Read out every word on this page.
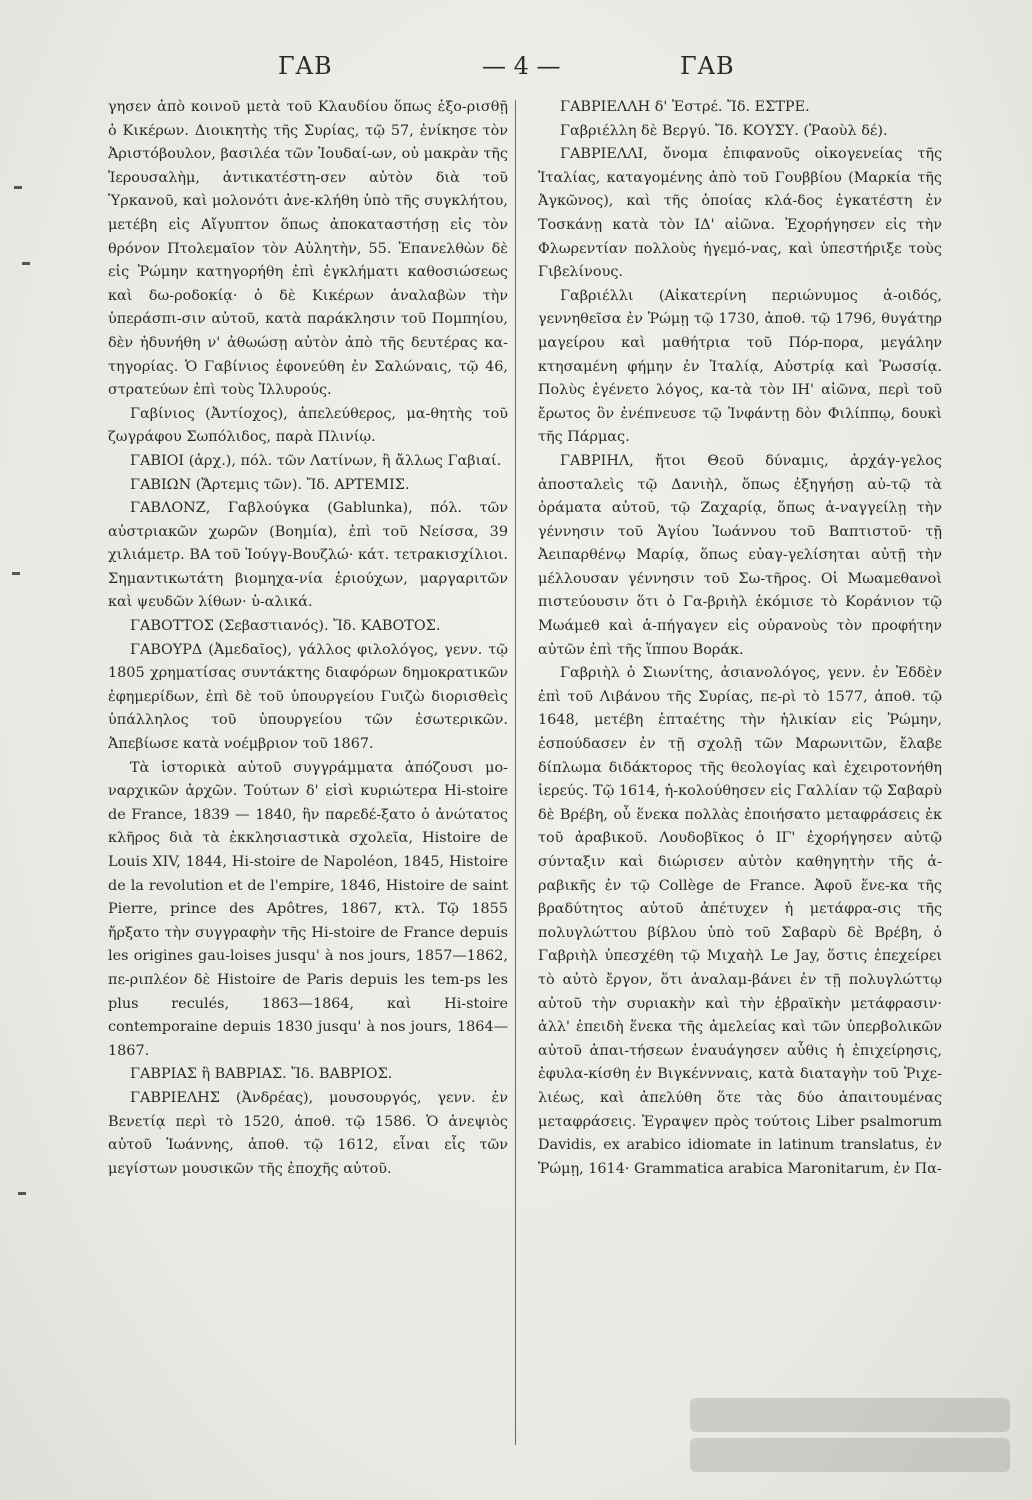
ΓΑΒ	— 4 —	ΓΑΒ

γησεν ἀπὸ κοινοῦ μετὰ τοῦ Κλαυδίου ὅπως ἐξο-ρισθῇ ὁ Κικέρων. Διοικητὴς τῆς Συρίας, τῷ 57, ἐνίκησε τὸν Ἀριστόβουλον, βασιλέα τῶν Ἰουδαί-ων, οὐ μακρὰν τῆς Ἱερουσαλὴμ, ἀντικατέστη-σεν αὐτὸν διὰ τοῦ Ὑρκανοῦ, καὶ μολονότι ἀνε-κλήθη ὑπὸ τῆς συγκλήτου, μετέβη εἰς Αἴγυπτον ὅπως ἀποκαταστήσῃ εἰς τὸν θρόνον Πτολεμαῖον τὸν Αὐλητὴν, 55. Ἐπανελθὼν δὲ εἰς Ῥώμην κατηγορήθη ἐπὶ ἐγκλήματι καθοσιώσεως καὶ δω-ροδοκίᾳ· ὁ δὲ Κικέρων ἀναλαβὼν τὴν ὑπεράσπι-σιν αὐτοῦ, κατὰ παράκλησιν τοῦ Πομπηίου, δὲν ἠδυνήθη ν' ἀθωώσῃ αὐτὸν ἀπὸ τῆς δευτέρας κα-τηγορίας. Ὁ Γαβίνιος ἐφονεύθη ἐν Σαλώναις, τῷ 46, στρατεύων ἐπὶ τοὺς Ἰλλυρούς.

Γαβίνιος (Ἀντίοχος), ἀπελεύθερος, μα-θητὴς τοῦ ζωγράφου Σωπόλιδος, παρὰ Πλινίῳ.

ΓΑΒΙΟΙ (ἀρχ.), πόλ. τῶν Λατίνων, ἢ ἄλλως Γαβιαί.

ΓΑΒΙΩΝ (Ἄρτεμις τῶν). Ἴδ. ΑΡΤΕΜΙΣ.

ΓΑΒΛΟΝΖ, Γαβλούγκα (Gablunka), πόλ. τῶν αὐστριακῶν χωρῶν (Βοημία), ἐπὶ τοῦ Νείσσα, 39 χιλιάμετρ. ΒΑ τοῦ Ἰούγγ-Βουζλώ· κάτ. τετρακισχίλιοι. Σημαντικωτάτη βιομηχα-νία ἐριούχων, μαργαριτῶν καὶ ψευδῶν λίθων· ὑ-αλικά.

ΓΑΒΟΤΤΟΣ (Σεβαστιανός). Ἴδ. ΚΑΒΟΤΟΣ.

ΓΑΒΟΥΡΔ (Ἀμεδαῖος), γάλλος φιλολόγος, γενν. τῷ 1805 χρηματίσας συντάκτης διαφόρων δημοκρατικῶν ἐφημερίδων, ἐπὶ δὲ τοῦ ὑπουργείου Γυιζὼ διορισθεὶς ὑπάλληλος τοῦ ὑπουργείου τῶν ἐσωτερικῶν. Ἀπεβίωσε κατὰ νοέμβριον τοῦ 1867.

Τὰ ἱστορικὰ αὐτοῦ συγγράμματα ἀπόζουσι μο-ναρχικῶν ἀρχῶν. Τούτων δ' εἰσὶ κυριώτερα Hi-stoire de France, 1839 — 1840, ἣν παρεδέ-ξατο ὁ ἀνώτατος κλῆρος διὰ τὰ ἐκκλησιαστικὰ σχολεῖα, Histoire de Louis XIV, 1844, Hi-stoire de Napoléon, 1845, Histoire de la revolution et de l'empire, 1846, Histoire de saint Pierre, prince des Apôtres, 1867, κτλ. Τῷ 1855 ἤρξατο τὴν συγγραφὴν τῆς Hi-stoire de France depuis les origines gau-loises jusqu' à nos jours, 1857—1862, πε-ριπλέον δὲ Histoire de Paris depuis les tem-ps les plus reculés, 1863—1864, καὶ Hi-stoire contemporaine depuis 1830 jusqu' à nos jours, 1864—1867.

ΓΑΒΡΙΑΣ ἢ ΒΑΒΡΙΑΣ. Ἴδ. ΒΑΒΡΙΟΣ.

ΓΑΒΡΙΕΛΗΣ (Ἀνδρέας), μουσουργός, γενν. ἐν Βενετίᾳ περὶ τὸ 1520, ἀποθ. τῷ 1586. Ὁ ἀνεψιὸς αὐτοῦ Ἰωάννης, ἀποθ. τῷ 1612, εἶναι εἷς τῶν μεγίστων μουσικῶν τῆς ἐποχῆς αὐτοῦ.

ΓΑΒΡΙΕΛΛΗ δ' Ἐστρέ. Ἴδ. ΕΣΤΡΕ.

Γαβριέλλη δὲ Βεργύ. Ἴδ. ΚΟΥΣΥ. (Ῥαοὺλ δέ).

ΓΑΒΡΙΕΛΛΙ, ὄνομα ἐπιφανοῦς οἰκογενείας τῆς Ἰταλίας, καταγομένης ἀπὸ τοῦ Γουββίου (Μαρκία τῆς Ἀγκῶνος), καὶ τῆς ὁποίας κλά-δος ἐγκατέστη ἐν Τοσκάνῃ κατὰ τὸν ΙΔ' αἰῶνα. Ἐχορήγησεν εἰς τὴν Φλωρεντίαν πολλοὺς ἡγεμό-νας, καὶ ὑπεστήριξε τοὺς Γιβελίνους.

Γαβριέλλι (Αἰκατερίνη περιώνυμος ἀ-οιδός, γεννηθεῖσα ἐν Ῥώμῃ τῷ 1730, ἀποθ. τῷ 1796, θυγάτηρ μαγείρου καὶ μαθήτρια τοῦ Πόρ-πορα, μεγάλην κτησαμένη φήμην ἐν Ἰταλίᾳ, Αὐστρίᾳ καὶ Ῥωσσίᾳ. Πολὺς ἐγένετο λόγος, κα-τὰ τὸν ΙΗ' αἰῶνα, περὶ τοῦ ἔρωτος ὃν ἐνέπνευσε τῷ Ἰνφάντῃ δὸν Φιλίππῳ, δουκὶ τῆς Πάρμας.

ΓΑΒΡΙΗΛ, ἤτοι Θεοῦ δύναμις, ἀρχάγ-γελος ἀποσταλεὶς τῷ Δανιὴλ, ὅπως ἐξηγήσῃ αὐ-τῷ τὰ ὁράματα αὐτοῦ, τῷ Ζαχαρίᾳ, ὅπως ἀ-ναγγείλῃ τὴν γέννησιν τοῦ Ἁγίου Ἰωάννου τοῦ Βαπτιστοῦ· τῇ Ἀειπαρθένῳ Μαρίᾳ, ὅπως εὐαγ-γελίσηται αὐτῇ τὴν μέλλουσαν γέννησιν τοῦ Σω-τῆρος. Οἱ Μωαμεθανοὶ πιστεύουσιν ὅτι ὁ Γα-βριὴλ ἐκόμισε τὸ Κοράνιον τῷ Μωάμεθ καὶ ἀ-πήγαγεν εἰς οὐρανοὺς τὸν προφήτην αὐτῶν ἐπὶ τῆς ἵππου Βοράκ.

Γαβριὴλ ὁ Σιωνίτης, ἀσιανολόγος, γενν. ἐν Ἐδδὲν ἐπὶ τοῦ Λιβάνου τῆς Συρίας, πε-ρὶ τὸ 1577, ἀποθ. τῷ 1648, μετέβη ἑπταέτης τὴν ἡλικίαν εἰς Ῥώμην, ἐσπούδασεν ἐν τῇ σχολῇ τῶν Μαρωνιτῶν, ἔλαβε δίπλωμα διδάκτορος τῆς θεολογίας καὶ ἐχειροτονήθη ἱερεύς. Τῷ 1614, ἠ-κολούθησεν εἰς Γαλλίαν τῷ Σαβαρὺ δὲ Βρέβη, οὗ ἕνεκα πολλὰς ἐποιήσατο μεταφράσεις ἐκ τοῦ ἀραβικοῦ. Λουδοβῖκος ὁ ΙΓ' ἐχορήγησεν αὐτῷ σύνταξιν καὶ διώρισεν αὐτὸν καθηγητὴν τῆς ἀ-ραβικῆς ἐν τῷ Collège de France. Ἀφοῦ ἕνε-κα τῆς βραδύτητος αὐτοῦ ἀπέτυχεν ἡ μετάφρα-σις τῆς πολυγλώττου βίβλου ὑπὸ τοῦ Σαβαρὺ δὲ Βρέβη, ὁ Γαβριὴλ ὑπεσχέθη τῷ Μιχαὴλ Le Jay, ὅστις ἐπεχείρει τὸ αὐτὸ ἔργον, ὅτι ἀναλαμ-βάνει ἐν τῇ πολυγλώττῳ αὐτοῦ τὴν συριακὴν καὶ τὴν ἑβραϊκὴν μετάφρασιν· ἀλλ' ἐπειδὴ ἕνεκα τῆς ἀμελείας καὶ τῶν ὑπερβολικῶν αὐτοῦ ἀπαι-τήσεων ἐναυάγησεν αὖθις ἡ ἐπιχείρησις, ἐφυλα-κίσθη ἐν Βιγκέννναις, κατὰ διαταγὴν τοῦ Ῥιχε-λιέως, καὶ ἀπελύθη ὅτε τὰς δύο ἀπαιτουμένας μεταφράσεις. Ἐγραψεν πρὸς τούτοις Liber psalmorum Davidis, ex arabico idiomate in latinum translatus, ἐν Ῥώμῃ, 1614· Grammatica arabica Maronitarum, ἐν Πα-
